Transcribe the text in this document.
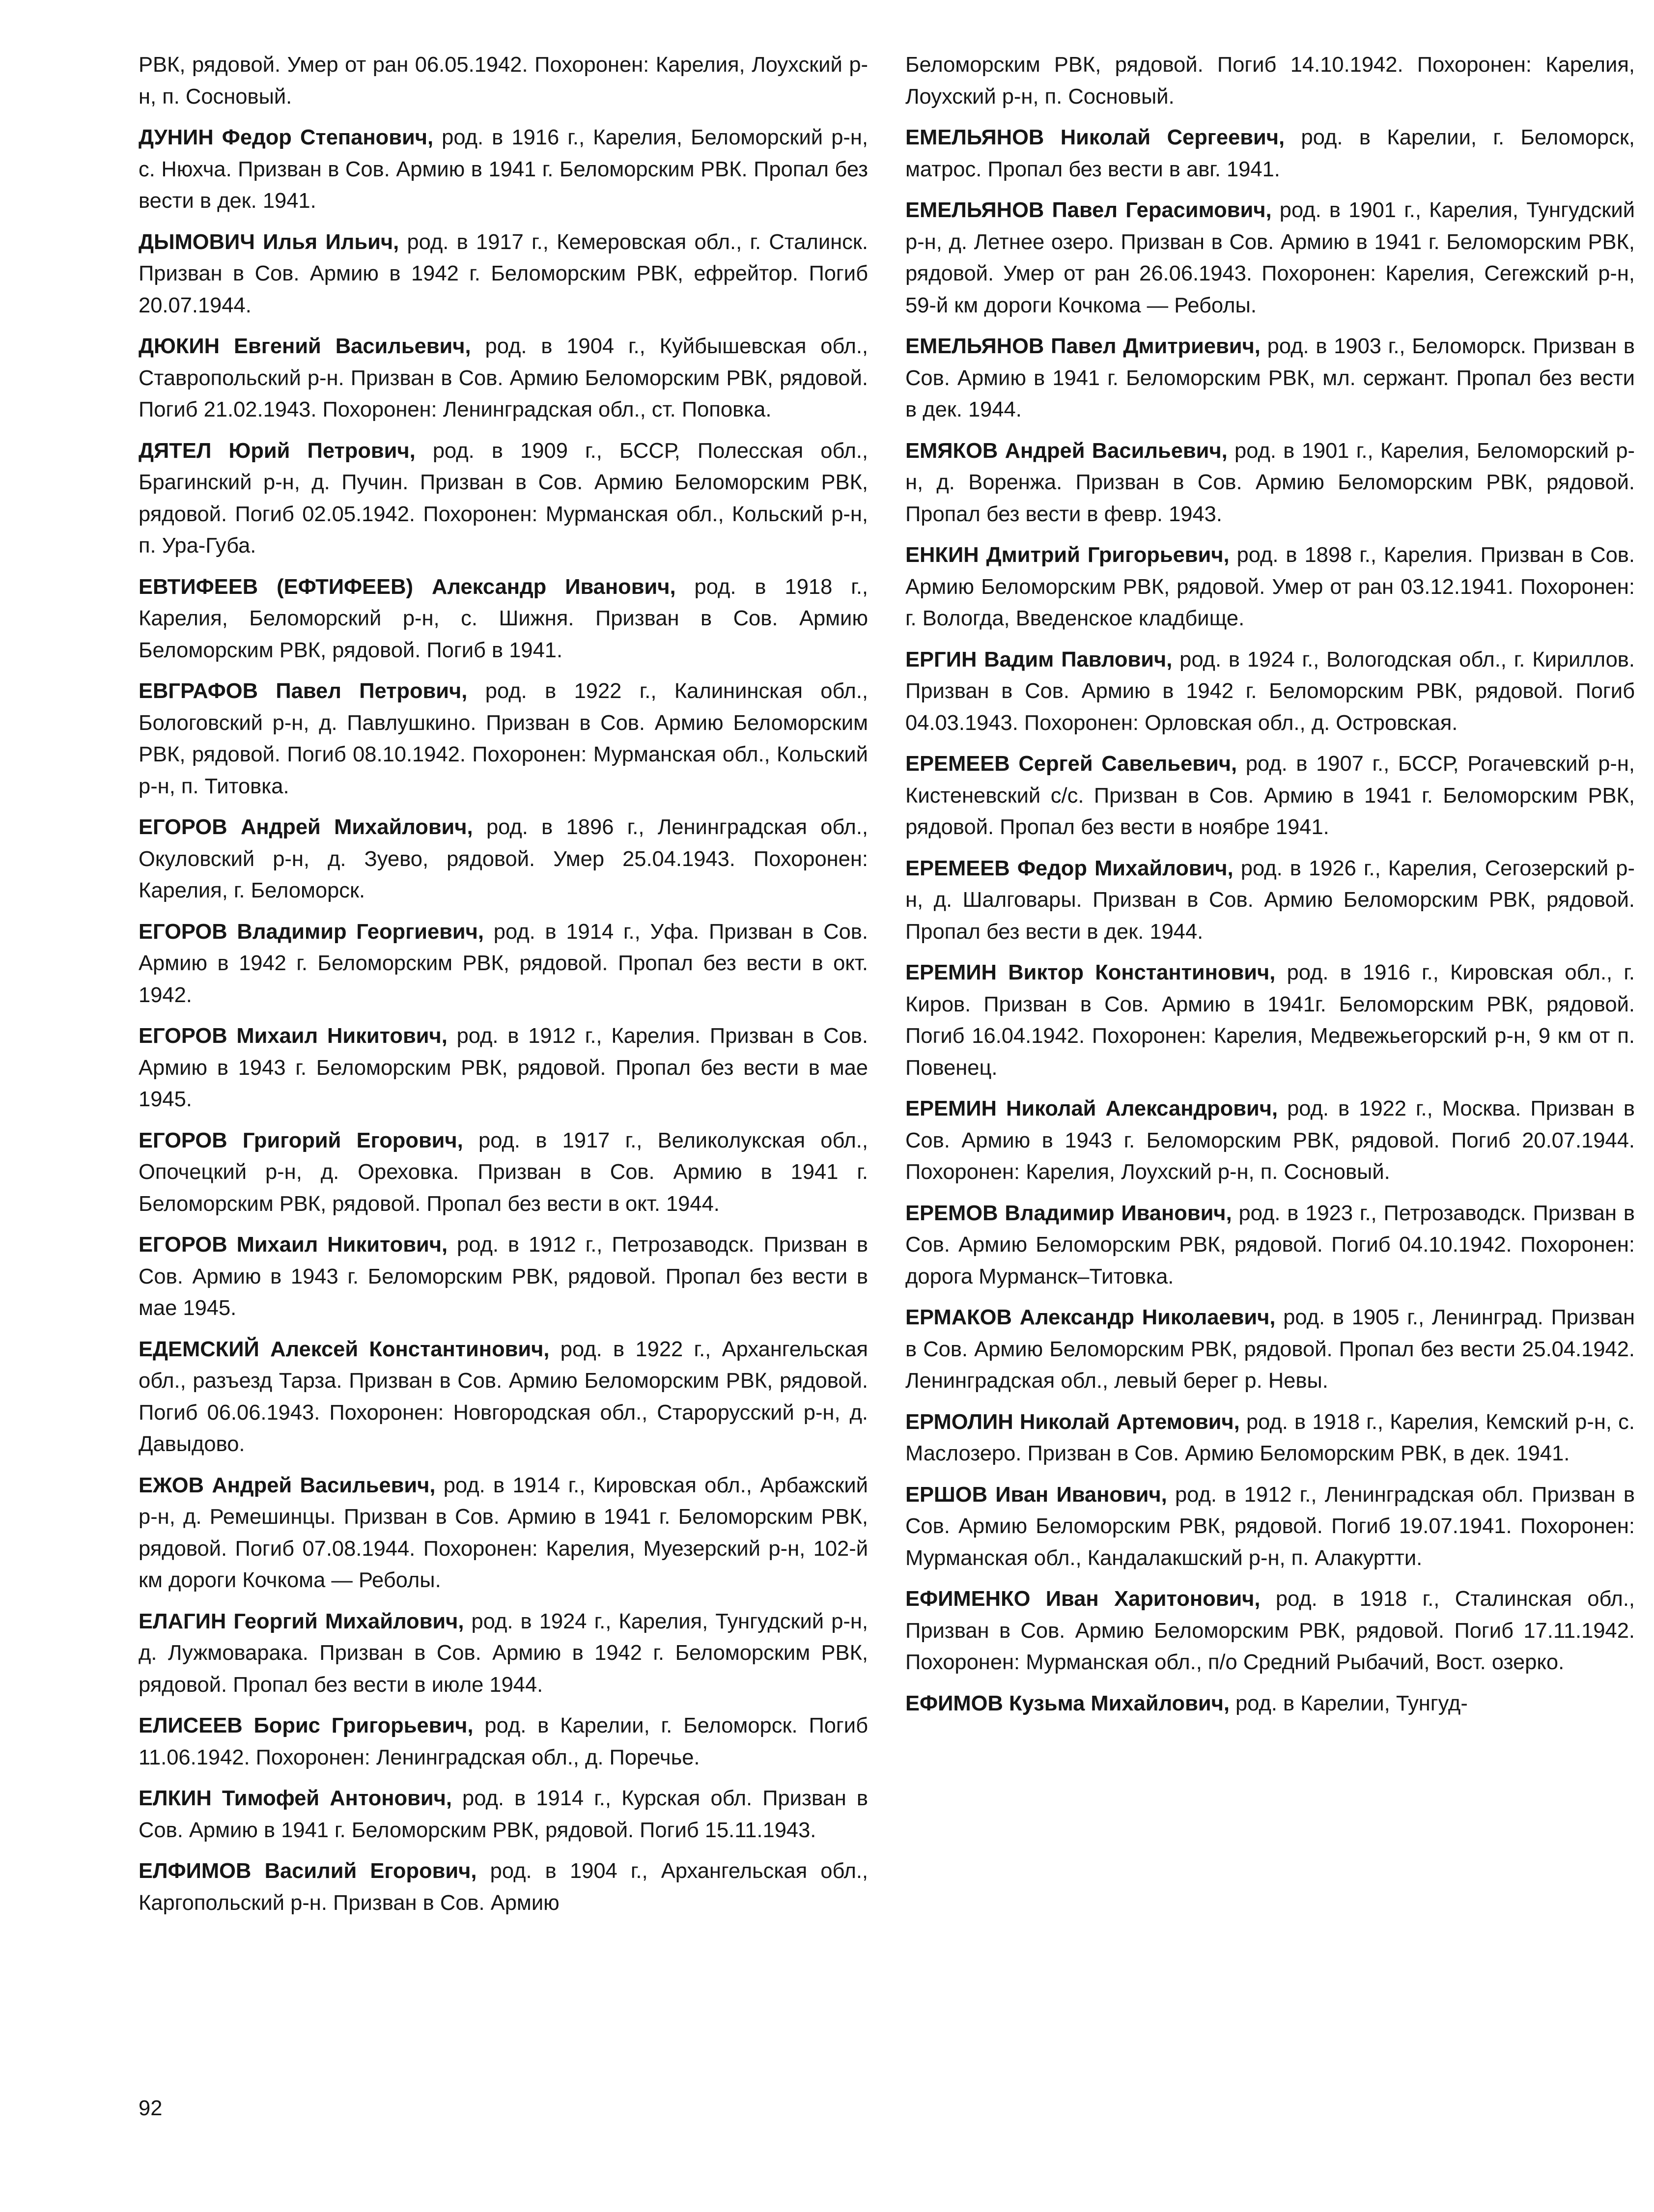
РВК, рядовой. Умер от ран 06.05.1942. Похоронен: Карелия, Лоухский р-н, п. Сосновый.

ДУНИН Федор Степанович, род. в 1916 г., Карелия, Беломорский р-н, с. Нюхча. Призван в Сов. Армию в 1941 г. Беломорским РВК. Пропал без вести в дек. 1941.

ДЫМОВИЧ Илья Ильич, род. в 1917 г., Кемеровская обл., г. Сталинск. Призван в Сов. Армию в 1942 г. Беломорским РВК, ефрейтор. Погиб 20.07.1944.

ДЮКИН Евгений Васильевич, род. в 1904 г., Куйбышевская обл., Ставропольский р-н. Призван в Сов. Армию Беломорским РВК, рядовой. Погиб 21.02.1943. Похоронен: Ленинградская обл., ст. Поповка.

ДЯТЕЛ Юрий Петрович, род. в 1909 г., БССР, Полесская обл., Брагинский р-н, д. Пучин. Призван в Сов. Армию Беломорским РВК, рядовой. Погиб 02.05.1942. Похоронен: Мурманская обл., Кольский р-н, п. Ура-Губа.

ЕВТИФЕЕВ (ЕФТИФЕЕВ) Александр Иванович, род. в 1918 г., Карелия, Беломорский р-н, с. Шижня. Призван в Сов. Армию Беломорским РВК, рядовой. Погиб в 1941.

ЕВГРАФОВ Павел Петрович, род. в 1922 г., Калининская обл., Бологовский р-н, д. Павлушкино. Призван в Сов. Армию Беломорским РВК, рядовой. Погиб 08.10.1942. Похоронен: Мурманская обл., Кольский р-н, п. Титовка.

ЕГОРОВ Андрей Михайлович, род. в 1896 г., Ленинградская обл., Окуловский р-н, д. Зуево, рядовой. Умер 25.04.1943. Похоронен: Карелия, г. Беломорск.

ЕГОРОВ Владимир Георгиевич, род. в 1914 г., Уфа. Призван в Сов. Армию в 1942 г. Беломорским РВК, рядовой. Пропал без вести в окт. 1942.

ЕГОРОВ Михаил Никитович, род. в 1912 г., Карелия. Призван в Сов. Армию в 1943 г. Беломорским РВК, рядовой. Пропал без вести в мае 1945.

ЕГОРОВ Григорий Егорович, род. в 1917 г., Великолукская обл., Опочецкий р-н, д. Ореховка. Призван в Сов. Армию в 1941 г. Беломорским РВК, рядовой. Пропал без вести в окт. 1944.

ЕГОРОВ Михаил Никитович, род. в 1912 г., Петрозаводск. Призван в Сов. Армию в 1943 г. Беломорским РВК, рядовой. Пропал без вести в мае 1945.

ЕДЕМСКИЙ Алексей Константинович, род. в 1922 г., Архангельская обл., разъезд Тарза. Призван в Сов. Армию Беломорским РВК, рядовой. Погиб 06.06.1943. Похоронен: Новгородская обл., Старорусский р-н, д. Давыдово.

ЕЖОВ Андрей Васильевич, род. в 1914 г., Кировская обл., Арбажский р-н, д. Ремешинцы. Призван в Сов. Армию в 1941 г. Беломорским РВК, рядовой. Погиб 07.08.1944. Похоронен: Карелия, Муезерский р-н, 102-й км дороги Кочкома — Реболы.

ЕЛАГИН Георгий Михайлович, род. в 1924 г., Карелия, Тунгудский р-н, д. Лужмоварака. Призван в Сов. Армию в 1942 г. Беломорским РВК, рядовой. Пропал без вести в июле 1944.

ЕЛИСЕЕВ Борис Григорьевич, род. в Карелии, г. Беломорск. Погиб 11.06.1942. Похоронен: Ленинградская обл., д. Поречье.

ЕЛКИН Тимофей Антонович, род. в 1914 г., Курская обл. Призван в Сов. Армию в 1941 г. Беломорским РВК, рядовой. Погиб 15.11.1943.

ЕЛФИМОВ Василий Егорович, род. в 1904 г., Архангельская обл., Каргопольский р-н. Призван в Сов. Армию

Беломорским РВК, рядовой. Погиб 14.10.1942. Похоронен: Карелия, Лоухский р-н, п. Сосновый.

ЕМЕЛЬЯНОВ Николай Сергеевич, род. в Карелии, г. Беломорск, матрос. Пропал без вести в авг. 1941.

ЕМЕЛЬЯНОВ Павел Герасимович, род. в 1901 г., Карелия, Тунгудский р-н, д. Летнее озеро. Призван в Сов. Армию в 1941 г. Беломорским РВК, рядовой. Умер от ран 26.06.1943. Похоронен: Карелия, Сегежский р-н, 59-й км дороги Кочкома — Реболы.

ЕМЕЛЬЯНОВ Павел Дмитриевич, род. в 1903 г., Беломорск. Призван в Сов. Армию в 1941 г. Беломорским РВК, мл. сержант. Пропал без вести в дек. 1944.

ЕМЯКОВ Андрей Васильевич, род. в 1901 г., Карелия, Беломорский р-н, д. Воренжа. Призван в Сов. Армию Беломорским РВК, рядовой. Пропал без вести в февр. 1943.

ЕНКИН Дмитрий Григорьевич, род. в 1898 г., Карелия. Призван в Сов. Армию Беломорским РВК, рядовой. Умер от ран 03.12.1941. Похоронен: г. Вологда, Введенское кладбище.

ЕРГИН Вадим Павлович, род. в 1924 г., Вологодская обл., г. Кириллов. Призван в Сов. Армию в 1942 г. Беломорским РВК, рядовой. Погиб 04.03.1943. Похоронен: Орловская обл., д. Островская.

ЕРЕМЕЕВ Сергей Савельевич, род. в 1907 г., БССР, Рогачевский р-н, Кистеневский с/с. Призван в Сов. Армию в 1941 г. Беломорским РВК, рядовой. Пропал без вести в ноябре 1941.

ЕРЕМЕЕВ Федор Михайлович, род. в 1926 г., Карелия, Сегозерский р-н, д. Шалговары. Призван в Сов. Армию Беломорским РВК, рядовой. Пропал без вести в дек. 1944.

ЕРЕМИН Виктор Константинович, род. в 1916 г., Кировская обл., г. Киров. Призван в Сов. Армию в 1941г. Беломорским РВК, рядовой. Погиб 16.04.1942. Похоронен: Карелия, Медвежьегорский р-н, 9 км от п. Повенец.

ЕРЕМИН Николай Александрович, род. в 1922 г., Москва. Призван в Сов. Армию в 1943 г. Беломорским РВК, рядовой. Погиб 20.07.1944. Похоронен: Карелия, Лоухский р-н, п. Сосновый.

ЕРЕМОВ Владимир Иванович, род. в 1923 г., Петрозаводск. Призван в Сов. Армию Беломорским РВК, рядовой. Погиб 04.10.1942. Похоронен: дорога Мурманск–Титовка.

ЕРМАКОВ Александр Николаевич, род. в 1905 г., Ленинград. Призван в Сов. Армию Беломорским РВК, рядовой. Пропал без вести 25.04.1942. Ленинградская обл., левый берег р. Невы.

ЕРМОЛИН Николай Артемович, род. в 1918 г., Карелия, Кемский р-н, с. Маслозеро. Призван в Сов. Армию Беломорским РВК, в дек. 1941.

ЕРШОВ Иван Иванович, род. в 1912 г., Ленинградская обл. Призван в Сов. Армию Беломорским РВК, рядовой. Погиб 19.07.1941. Похоронен: Мурманская обл., Кандалакшский р-н, п. Алакуртти.

ЕФИМЕНКО Иван Харитонович, род. в 1918 г., Сталинская обл., Призван в Сов. Армию Беломорским РВК, рядовой. Погиб 17.11.1942. Похоронен: Мурманская обл., п/о Средний Рыбачий, Вост. озерко.

ЕФИМОВ Кузьма Михайлович, род. в Карелии, Тунгуд-

92
